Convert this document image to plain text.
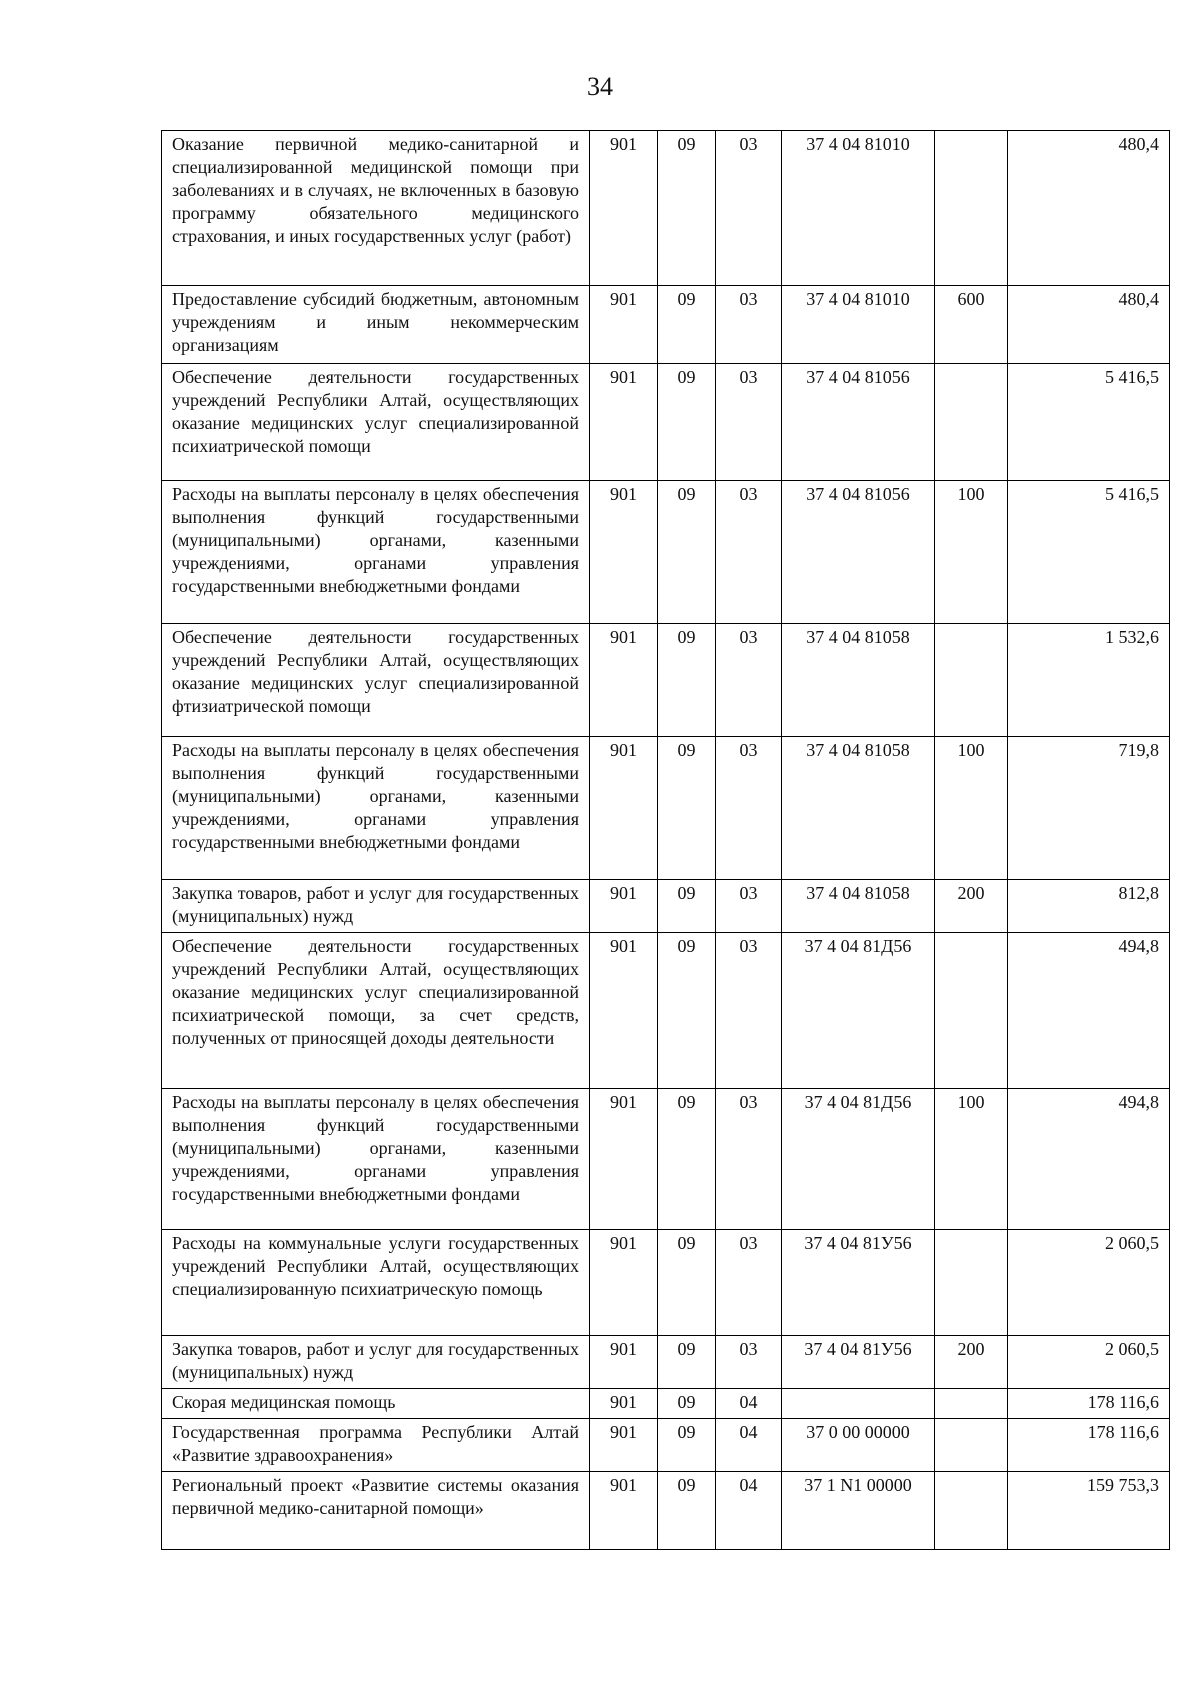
34
Оказание первичной медико-санитарной и специализированной медицинской помощи при заболеваниях и в случаях, не включенных в базовую программу обязательного медицинского страхования, и иных государственных услуг (работ)	901	09	03	37 4 04 81010		480,4
Предоставление субсидий бюджетным, автономным учреждениям и иным некоммерческим организациям	901	09	03	37 4 04 81010	600	480,4
Обеспечение деятельности государственных учреждений Республики Алтай, осуществляющих оказание медицинских услуг специализированной психиатрической помощи	901	09	03	37 4 04 81056		5 416,5
Расходы на выплаты персоналу в целях обеспечения выполнения функций государственными (муниципальными) органами, казенными учреждениями, органами управления государственными внебюджетными фондами	901	09	03	37 4 04 81056	100	5 416,5
Обеспечение деятельности государственных учреждений Республики Алтай, осуществляющих оказание медицинских услуг специализированной фтизиатрической помощи	901	09	03	37 4 04 81058		1 532,6
Расходы на выплаты персоналу в целях обеспечения выполнения функций государственными (муниципальными) органами, казенными учреждениями, органами управления государственными внебюджетными фондами	901	09	03	37 4 04 81058	100	719,8
Закупка товаров, работ и услуг для государственных (муниципальных) нужд	901	09	03	37 4 04 81058	200	812,8
Обеспечение деятельности государственных учреждений Республики Алтай, осуществляющих оказание медицинских услуг специализированной психиатрической помощи, за счет средств, полученных от приносящей доходы деятельности	901	09	03	37 4 04 81Д56		494,8
Расходы на выплаты персоналу в целях обеспечения выполнения функций государственными (муниципальными) органами, казенными учреждениями, органами управления государственными внебюджетными фондами	901	09	03	37 4 04 81Д56	100	494,8
Расходы на коммунальные услуги государственных учреждений Республики Алтай, осуществляющих специализированную психиатрическую помощь	901	09	03	37 4 04 81У56		2 060,5
Закупка товаров, работ и услуг для государственных (муниципальных) нужд	901	09	03	37 4 04 81У56	200	2 060,5
Скорая медицинская помощь	901	09	04			178 116,6
Государственная программа Республики Алтай «Развитие здравоохранения»	901	09	04	37 0 00 00000		178 116,6
Региональный проект «Развитие системы оказания первичной медико-санитарной помощи»	901	09	04	37 1 N1 00000		159 753,3
